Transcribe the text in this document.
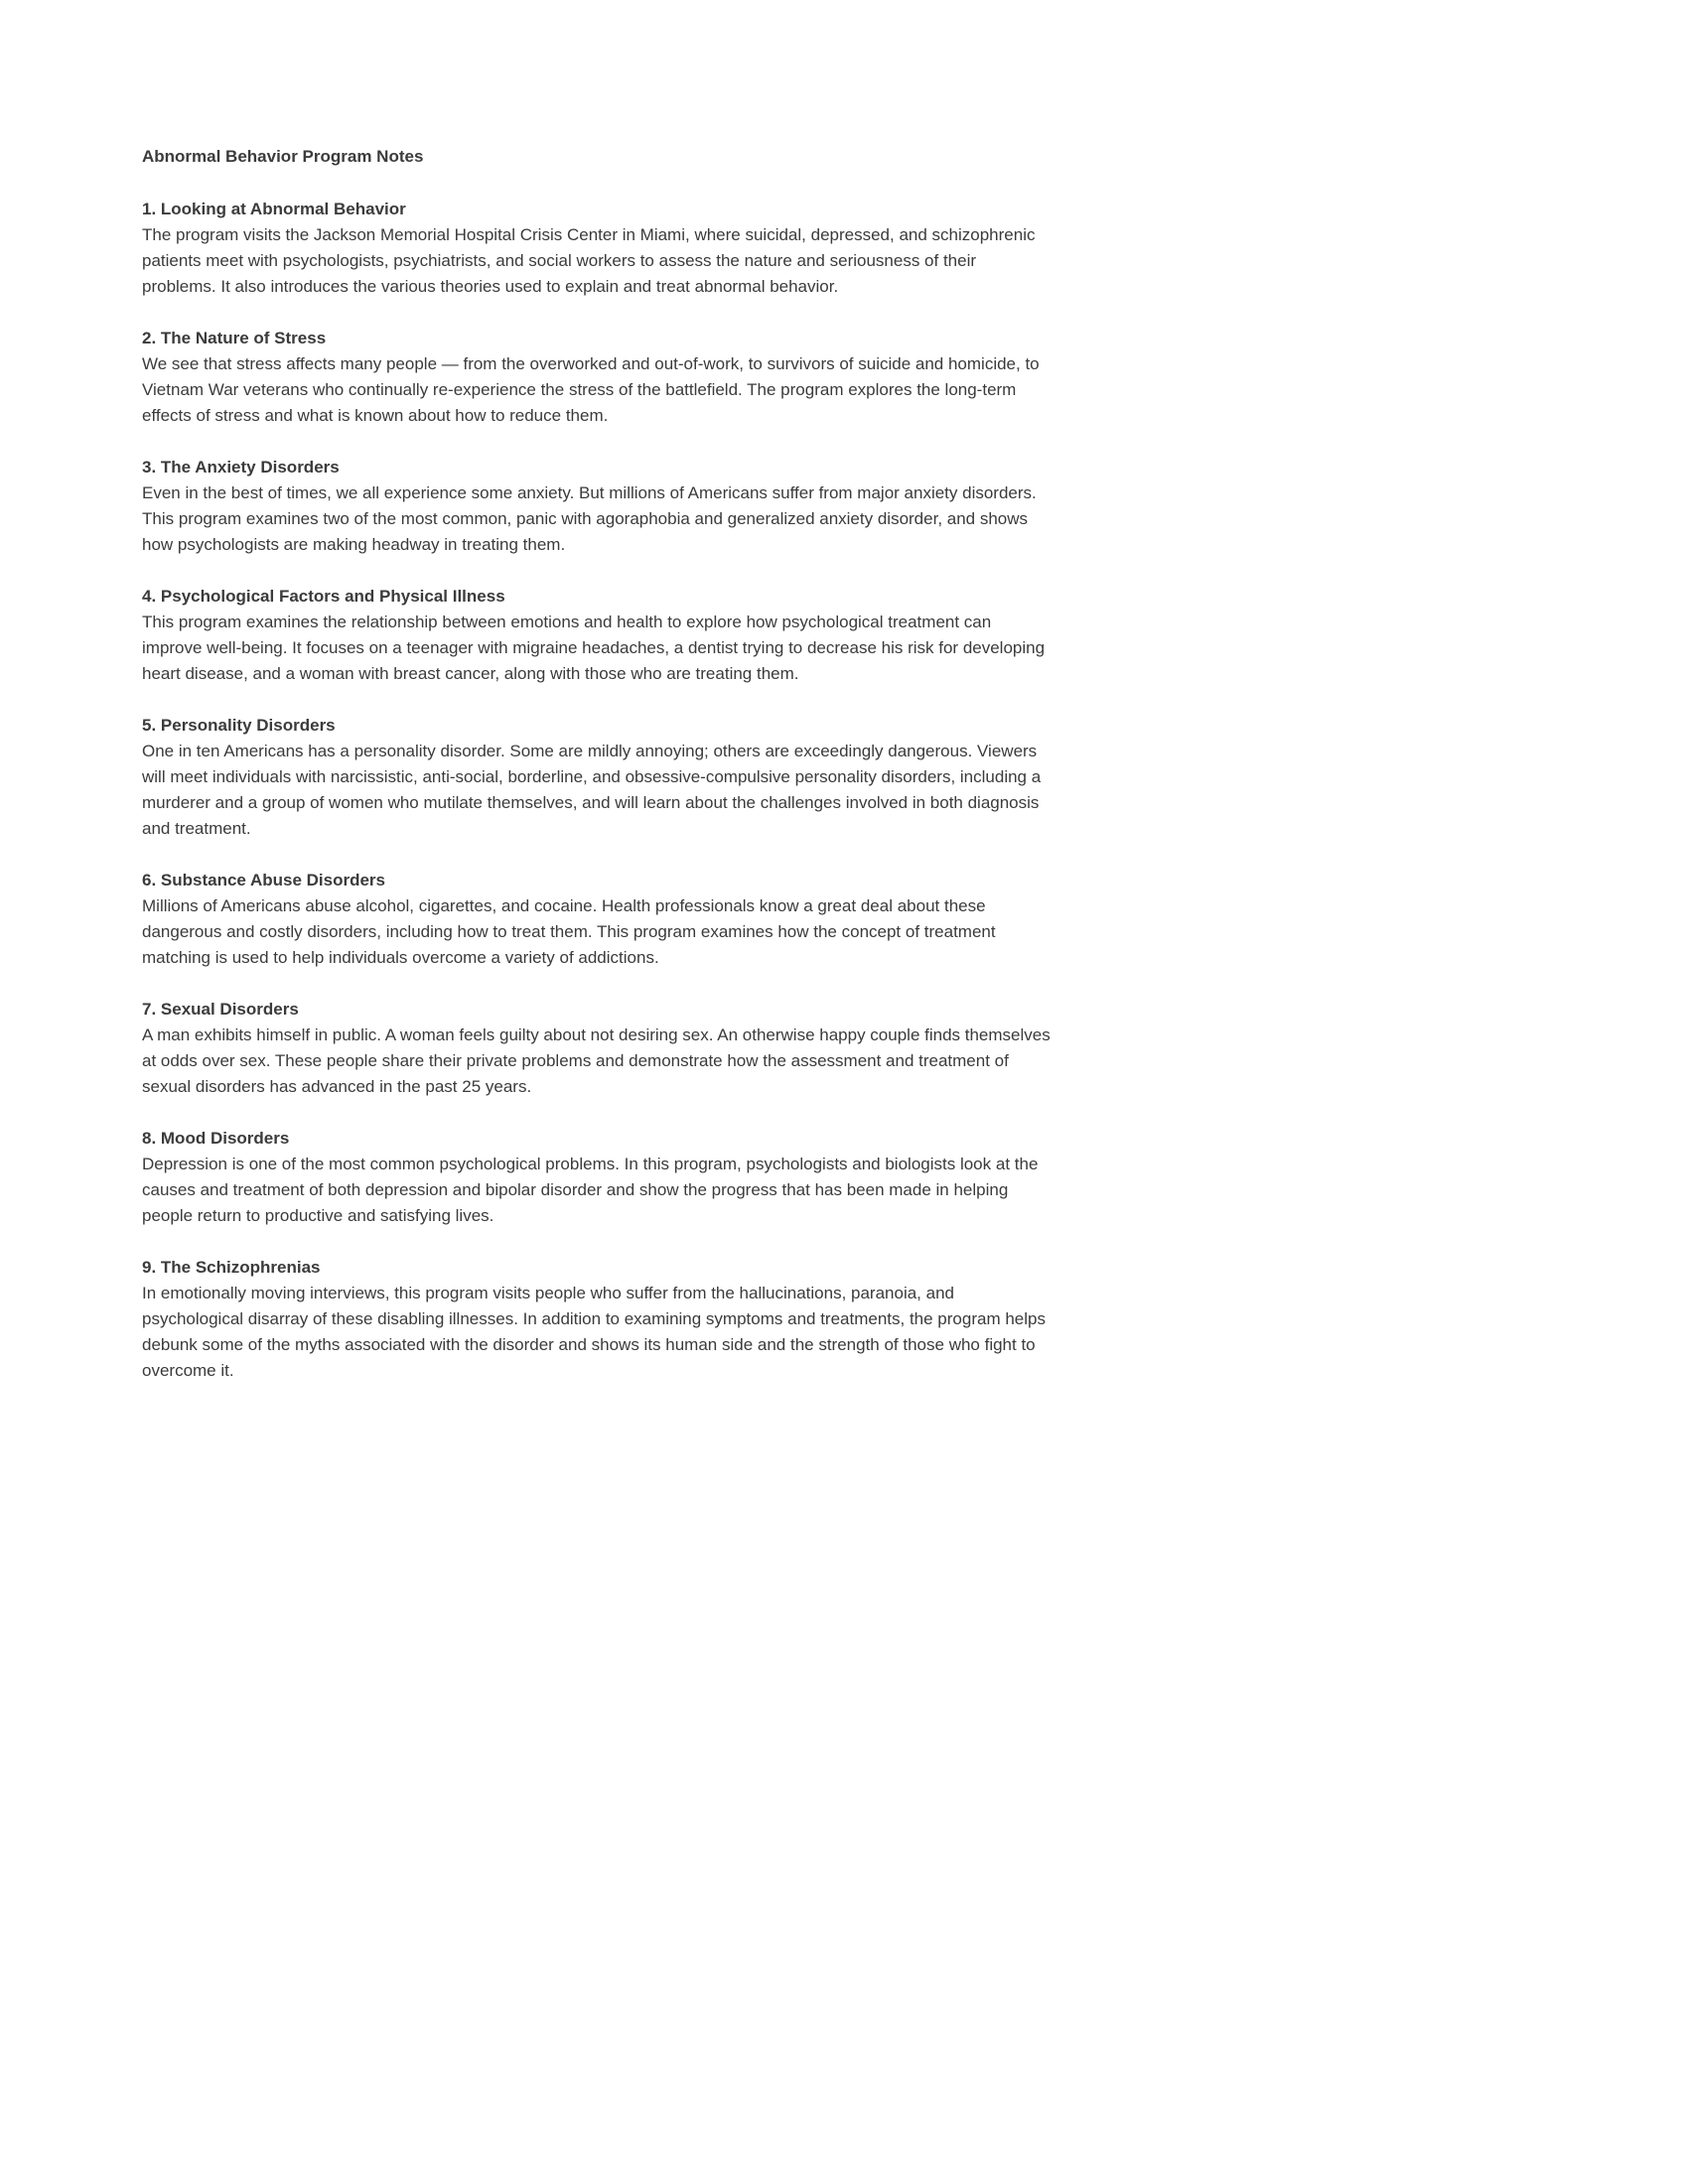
Abnormal Behavior Program Notes
1. Looking at Abnormal Behavior

The program visits the Jackson Memorial Hospital Crisis Center in Miami, where suicidal, depressed, and schizophrenic patients meet with psychologists, psychiatrists, and social workers to assess the nature and seriousness of their problems. It also introduces the various theories used to explain and treat abnormal behavior.

2. The Nature of Stress

We see that stress affects many people — from the overworked and out-of-work, to survivors of suicide and homicide, to Vietnam War veterans who continually re-experience the stress of the battlefield. The program explores the long-term effects of stress and what is known about how to reduce them.

3. The Anxiety Disorders

Even in the best of times, we all experience some anxiety. But millions of Americans suffer from major anxiety disorders. This program examines two of the most common, panic with agoraphobia and generalized anxiety disorder, and shows how psychologists are making headway in treating them.

4. Psychological Factors and Physical Illness

This program examines the relationship between emotions and health to explore how psychological treatment can improve well-being. It focuses on a teenager with migraine headaches, a dentist trying to decrease his risk for developing heart disease, and a woman with breast cancer, along with those who are treating them.

5. Personality Disorders

One in ten Americans has a personality disorder. Some are mildly annoying; others are exceedingly dangerous. Viewers will meet individuals with narcissistic, anti-social, borderline, and obsessive-compulsive personality disorders, including a murderer and a group of women who mutilate themselves, and will learn about the challenges involved in both diagnosis and treatment.

6. Substance Abuse Disorders

Millions of Americans abuse alcohol, cigarettes, and cocaine. Health professionals know a great deal about these dangerous and costly disorders, including how to treat them. This program examines how the concept of treatment matching is used to help individuals overcome a variety of addictions.

7. Sexual Disorders

A man exhibits himself in public. A woman feels guilty about not desiring sex. An otherwise happy couple finds themselves at odds over sex. These people share their private problems and demonstrate how the assessment and treatment of sexual disorders has advanced in the past 25 years.

8. Mood Disorders

Depression is one of the most common psychological problems. In this program, psychologists and biologists look at the causes and treatment of both depression and bipolar disorder and show the progress that has been made in helping people return to productive and satisfying lives.

9. The Schizophrenias

In emotionally moving interviews, this program visits people who suffer from the hallucinations, paranoia, and psychological disarray of these disabling illnesses. In addition to examining symptoms and treatments, the program helps debunk some of the myths associated with the disorder and shows its human side and the strength of those who fight to overcome it.
